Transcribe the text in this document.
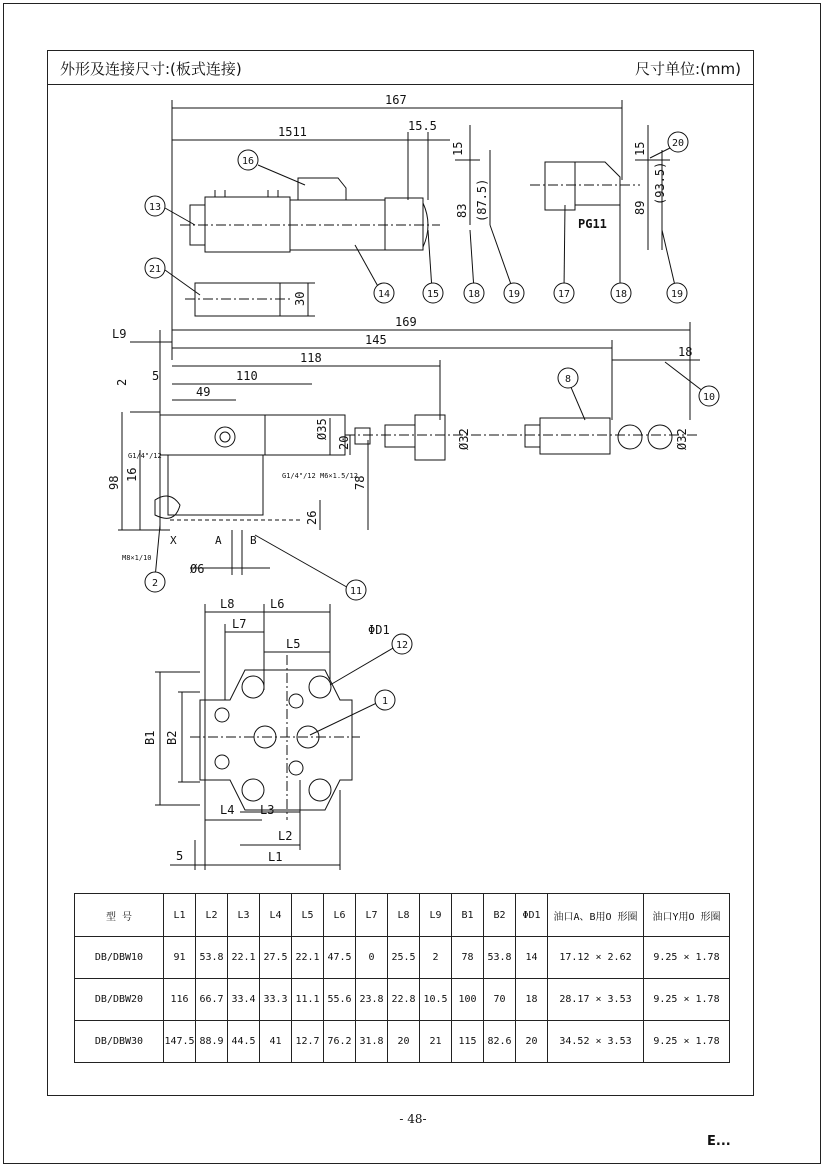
外形及连接尺寸:(板式连接)	尺寸单位:(mm)
型 号	L1	L2	L3	L4	L5	L6	L7	L8	L9	B1	B2	ΦD1	油口A、B用O 形圈	油口Y用O 形圈
DB/DBW10	91	53.8	22.1	27.5	22.1	47.5	0	25.5	2	78	53.8	14	17.12 × 2.62	9.25 × 1.78
DB/DBW20	116	66.7	33.4	33.3	11.1	55.6	23.8	22.8	10.5	100	70	18	28.17 × 3.53	9.25 × 1.78
DB/DBW30	147.5	88.9	44.5	41	12.7	76.2	31.8	20	21	115	82.6	20	34.52 × 3.53	9.25 × 1.78
16
13
14	15	18	19	17	18	19
20
21
10
8
2
11
12
1
167
1511	15.5
15
83 (87.5)
15
89
(93.5)
30
L9
169
145
118	18
5
2	110
49
Ø35
20	Ø32	Ø32
98
16
78
26
Ø6
5
L8	L6
L7
L5
ΦD1
B1 B2
L4 L3
L2
L1
PG11
G1/4"/12
G1/4"/12 M6×1.5/12
M8×1/10
X	A	B
- 48-
E...
